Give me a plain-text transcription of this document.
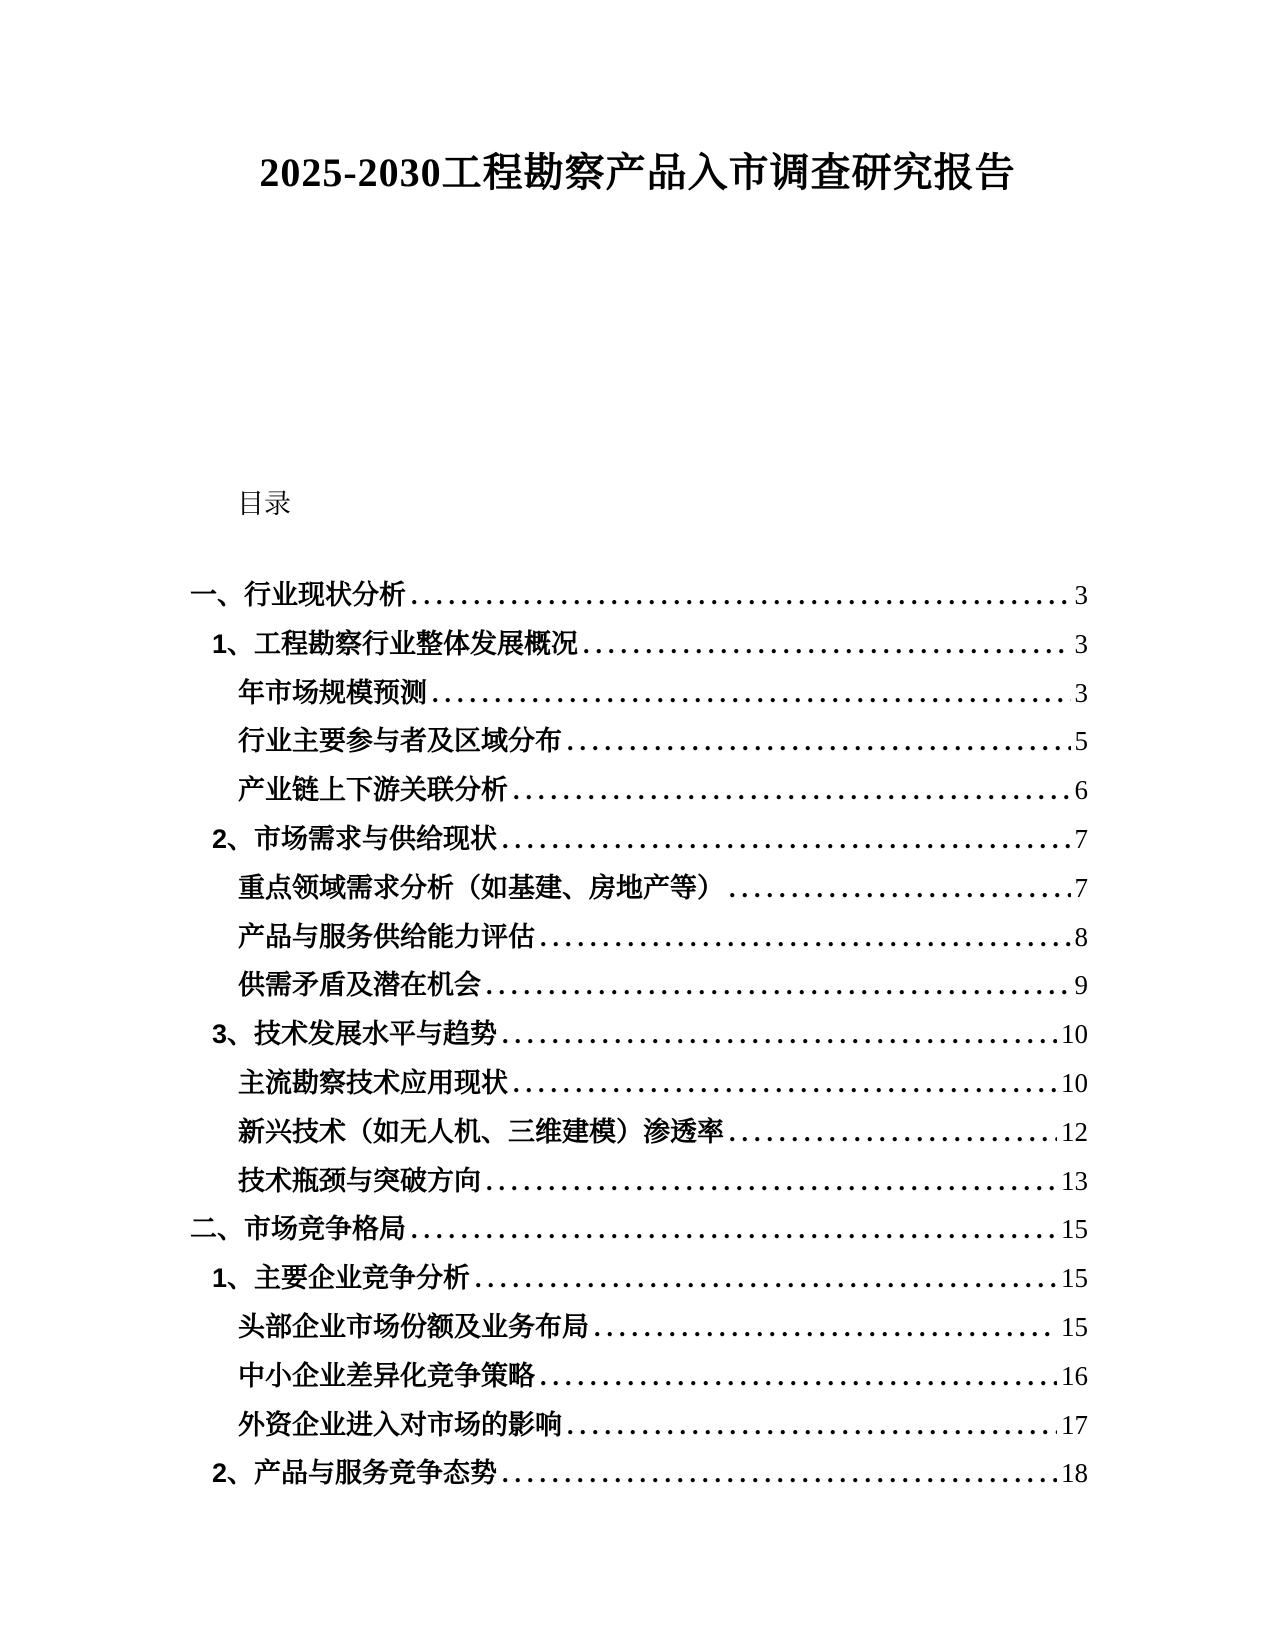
2025-2030工程勘察产品入市调查研究报告
目录
一、行业现状分析 .....	3
1、工程勘察行业整体发展概况 .....	3
年市场规模预测 .....	3
行业主要参与者及区域分布 .....	5
产业链上下游关联分析 .....	6
2、市场需求与供给现状 .....	7
重点领域需求分析（如基建、房地产等） .....	7
产品与服务供给能力评估 .....	8
供需矛盾及潜在机会 .....	9
3、技术发展水平与趋势 .....	10
主流勘察技术应用现状 .....	10
新兴技术（如无人机、三维建模）渗透率 .....	12
技术瓶颈与突破方向 .....	13
二、市场竞争格局 .....	15
1、主要企业竞争分析 .....	15
头部企业市场份额及业务布局 .....	15
中小企业差异化竞争策略 .....	16
外资企业进入对市场的影响 .....	17
2、产品与服务竞争态势 .....	18
